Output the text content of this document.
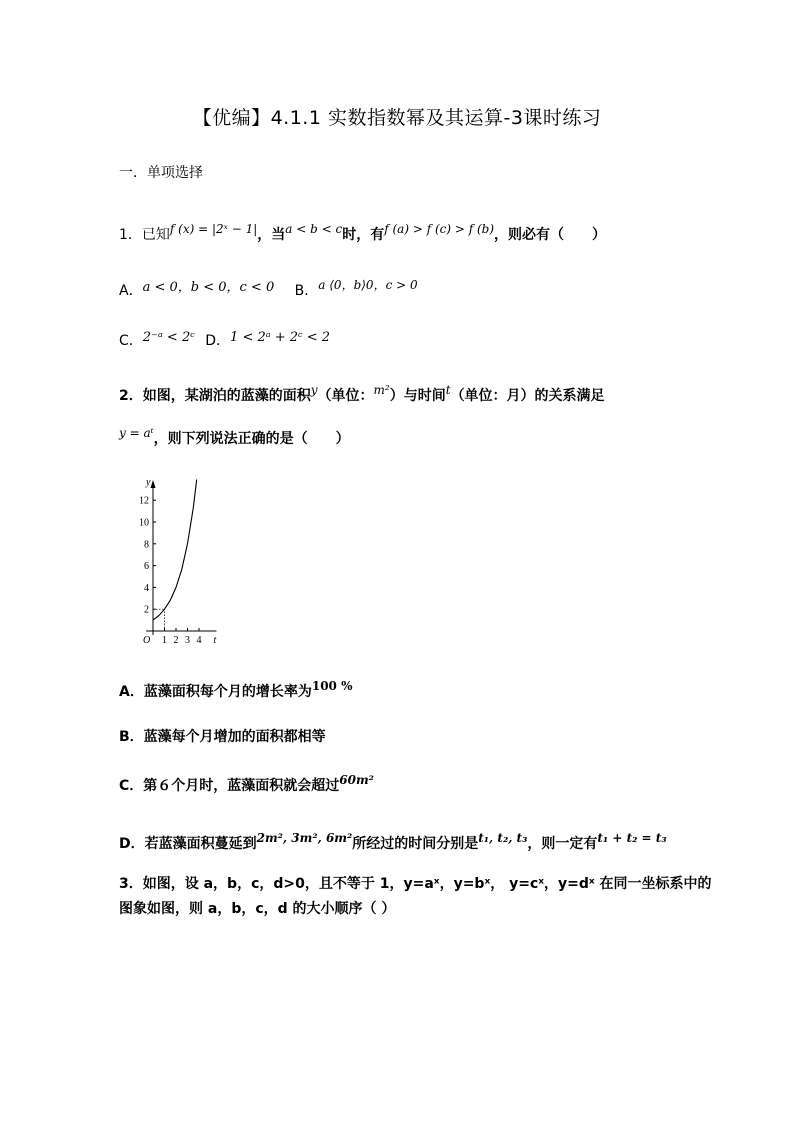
【优编】4.1.1 实数指数幂及其运算-3课时练习
一．单项选择
1．已知f (x) = |2ˣ − 1|，当a < b < c时，有f (a) > f (c) > f (b)，则必有（　　）
A．a < 0，b < 0，c < 0 B．a ⟨0，b⟩0，c > 0
C．2⁻ᵃ < 2ᶜ D．1 < 2ᵃ + 2ᶜ < 2
2．如图，某湖泊的蓝藻的面积y（单位：m²）与时间t（单位：月）的关系满足
y = aᵗ，则下列说法正确的是（　　）
y
t
O
2
4
6
8
10
12
1 2 3 4
A．蓝藻面积每个月的增长率为100 %
B．蓝藻每个月增加的面积都相等
C．第６个月时，蓝藻面积就会超过60m²
D．若蓝藻面积蔓延到2m², 3m², 6m²所经过的时间分别是t₁, t₂, t₃，则一定有t₁ + t₂ = t₃
3．如图，设 a，b，c，d>0，且不等于 1，y=aˣ，y=bˣ， y=cˣ，y=dˣ 在同一坐标系中的
图象如图，则 a，b，c，d 的大小顺序（ ）
